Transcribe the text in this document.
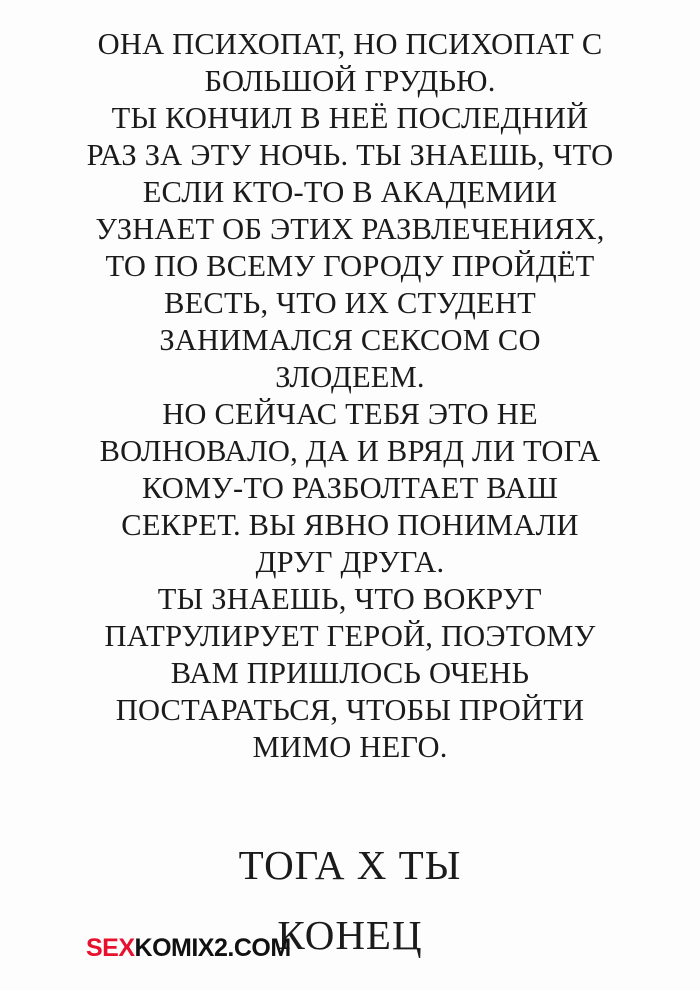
ОНА ПСИХОПАТ, НО ПСИХОПАТ С
БОЛЬШОЙ ГРУДЬЮ.
ТЫ КОНЧИЛ В НЕЁ ПОСЛЕДНИЙ
РАЗ ЗА ЭТУ НОЧЬ. ТЫ ЗНАЕШЬ, ЧТО
ЕСЛИ КТО-ТО В АКАДЕМИИ
УЗНАЕТ ОБ ЭТИХ РАЗВЛЕЧЕНИЯХ,
ТО ПО ВСЕМУ ГОРОДУ ПРОЙДЁТ
ВЕСТЬ, ЧТО ИХ СТУДЕНТ
ЗАНИМАЛСЯ СЕКСОМ СО
ЗЛОДЕЕМ.
НО СЕЙЧАС ТЕБЯ ЭТО НЕ
ВОЛНОВАЛО, ДА И ВРЯД ЛИ ТОГА
КОМУ-ТО РАЗБОЛТАЕТ ВАШ
СЕКРЕТ. ВЫ ЯВНО ПОНИМАЛИ
ДРУГ ДРУГА.
ТЫ ЗНАЕШЬ, ЧТО ВОКРУГ
ПАТРУЛИРУЕТ ГЕРОЙ, ПОЭТОМУ
ВАМ ПРИШЛОСЬ ОЧЕНЬ
ПОСТАРАТЬСЯ, ЧТОБЫ ПРОЙТИ
МИМО НЕГО.
ТОГА Х ТЫ
КОНЕЦ
SEXKOMIX2.COM
